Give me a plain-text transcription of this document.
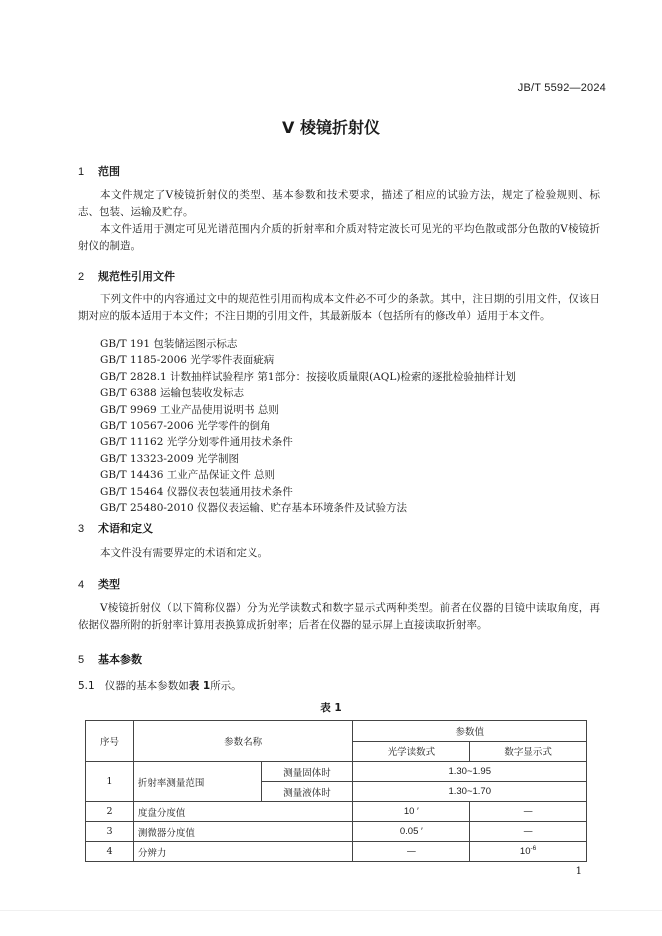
JB/T 5592—2024
V 棱镜折射仪
1 范围
本文件规定了V棱镜折射仪的类型、基本参数和技术要求，描述了相应的试验方法，规定了检验规则、标志、包装、运输及贮存。
本文件适用于测定可见光谱范围内介质的折射率和介质对特定波长可见光的平均色散或部分色散的V棱镜折射仪的制造。
2 规范性引用文件
下列文件中的内容通过文中的规范性引用而构成本文件必不可少的条款。其中，注日期的引用文件，仅该日期对应的版本适用于本文件；不注日期的引用文件，其最新版本（包括所有的修改单）适用于本文件。
GB/T 191 包装储运图示标志
GB/T 1185-2006 光学零件表面疵病
GB/T 2828.1 计数抽样试验程序 第1部分：按接收质量限(AQL)检索的逐批检验抽样计划
GB/T 6388 运输包装收发标志
GB/T 9969 工业产品使用说明书 总则
GB/T 10567-2006 光学零件的倒角
GB/T 11162 光学分划零件通用技术条件
GB/T 13323-2009 光学制图
GB/T 14436 工业产品保证文件 总则
GB/T 15464 仪器仪表包装通用技术条件
GB/T 25480-2010 仪器仪表运输、贮存基本环境条件及试验方法
3 术语和定义
本文件没有需要界定的术语和定义。
4 类型
V棱镜折射仪（以下简称仪器）分为光学读数式和数字显示式两种类型。前者在仪器的目镜中读取角度，再依据仪器所附的折射率计算用表换算成折射率；后者在仪器的显示屏上直接读取折射率。
5 基本参数
5.1 仪器的基本参数如表 1所示。
表 1
序号	参数名称		参数值	
			光学读数式	数字显示式
1	折射率测量范围	测量固体时	1.30~1.95	
		测量液体时	1.30~1.70	
2	度盘分度值		10 ′	—
3	测微器分度值		0.05 ′	—
4	分辨力		—	$10^{-6}$
1
